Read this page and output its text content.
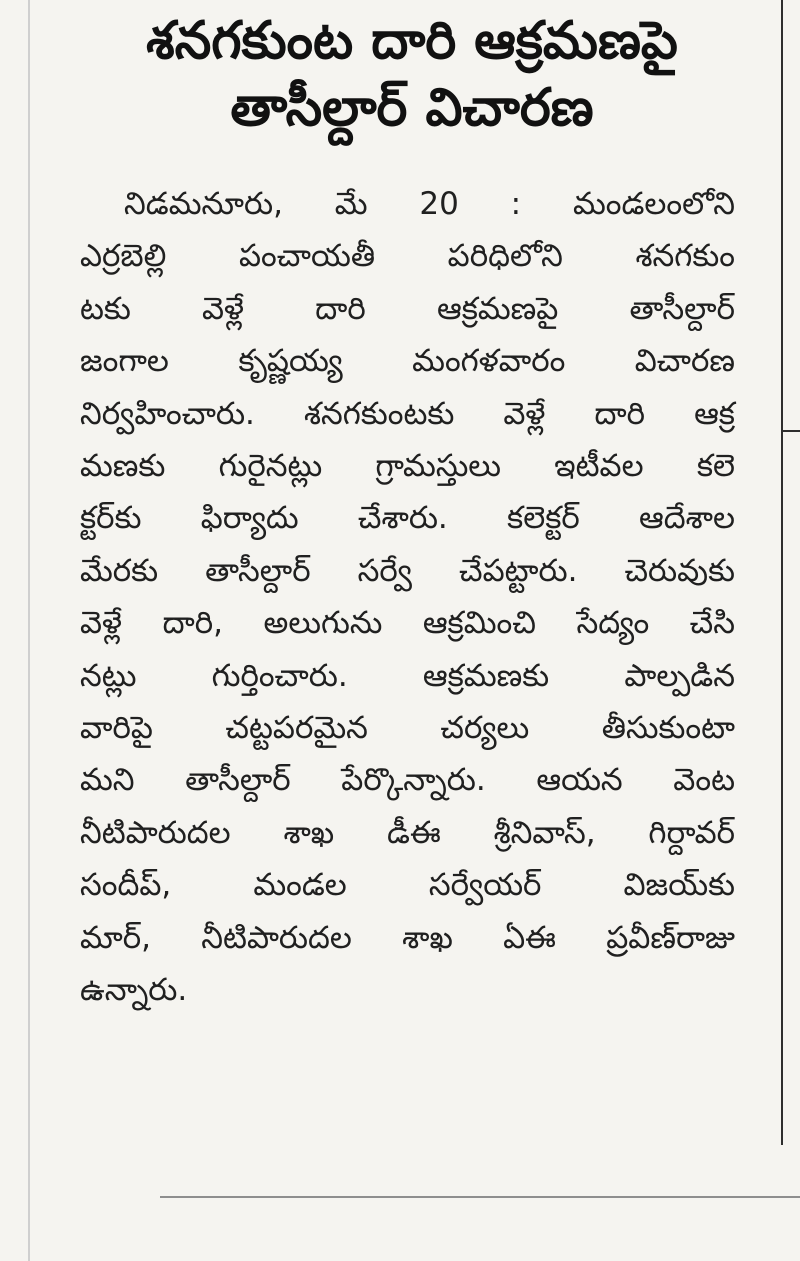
శనగకుంట దారి ఆక్రమణపై
తాసీల్దార్ విచారణ
నిడమనూరు, మే 20 : మండలంలోని
ఎర్రబెల్లి పంచాయతీ పరిధిలోని శనగకుం
టకు వెళ్లే దారి ఆక్రమణపై తాసీల్దార్
జంగాల కృష్ణయ్య మంగళవారం విచారణ
నిర్వహించారు. శనగకుంటకు వెళ్లే దారి ఆక్ర
మణకు గురైనట్లు గ్రామస్తులు ఇటీవల కలె
క్టర్‌కు ఫిర్యాదు చేశారు. కలెక్టర్ ఆదేశాల
మేరకు తాసీల్దార్ సర్వే చేపట్టారు. చెరువుకు
వెళ్లే దారి, అలుగును ఆక్రమించి సేద్యం చేసి
నట్లు గుర్తించారు. ఆక్రమణకు పాల్పడిన
వారిపై చట్టపరమైన చర్యలు తీసుకుంటా
మని తాసీల్దార్ పేర్కొన్నారు. ఆయన వెంట
నీటిపారుదల శాఖ డీఈ శ్రీనివాస్, గిర్దావర్
సందీప్, మండల సర్వేయర్ విజయ్‌కు
మార్, నీటిపారుదల శాఖ ఏఈ ప్రవీణ్‌రాజు
ఉన్నారు.
